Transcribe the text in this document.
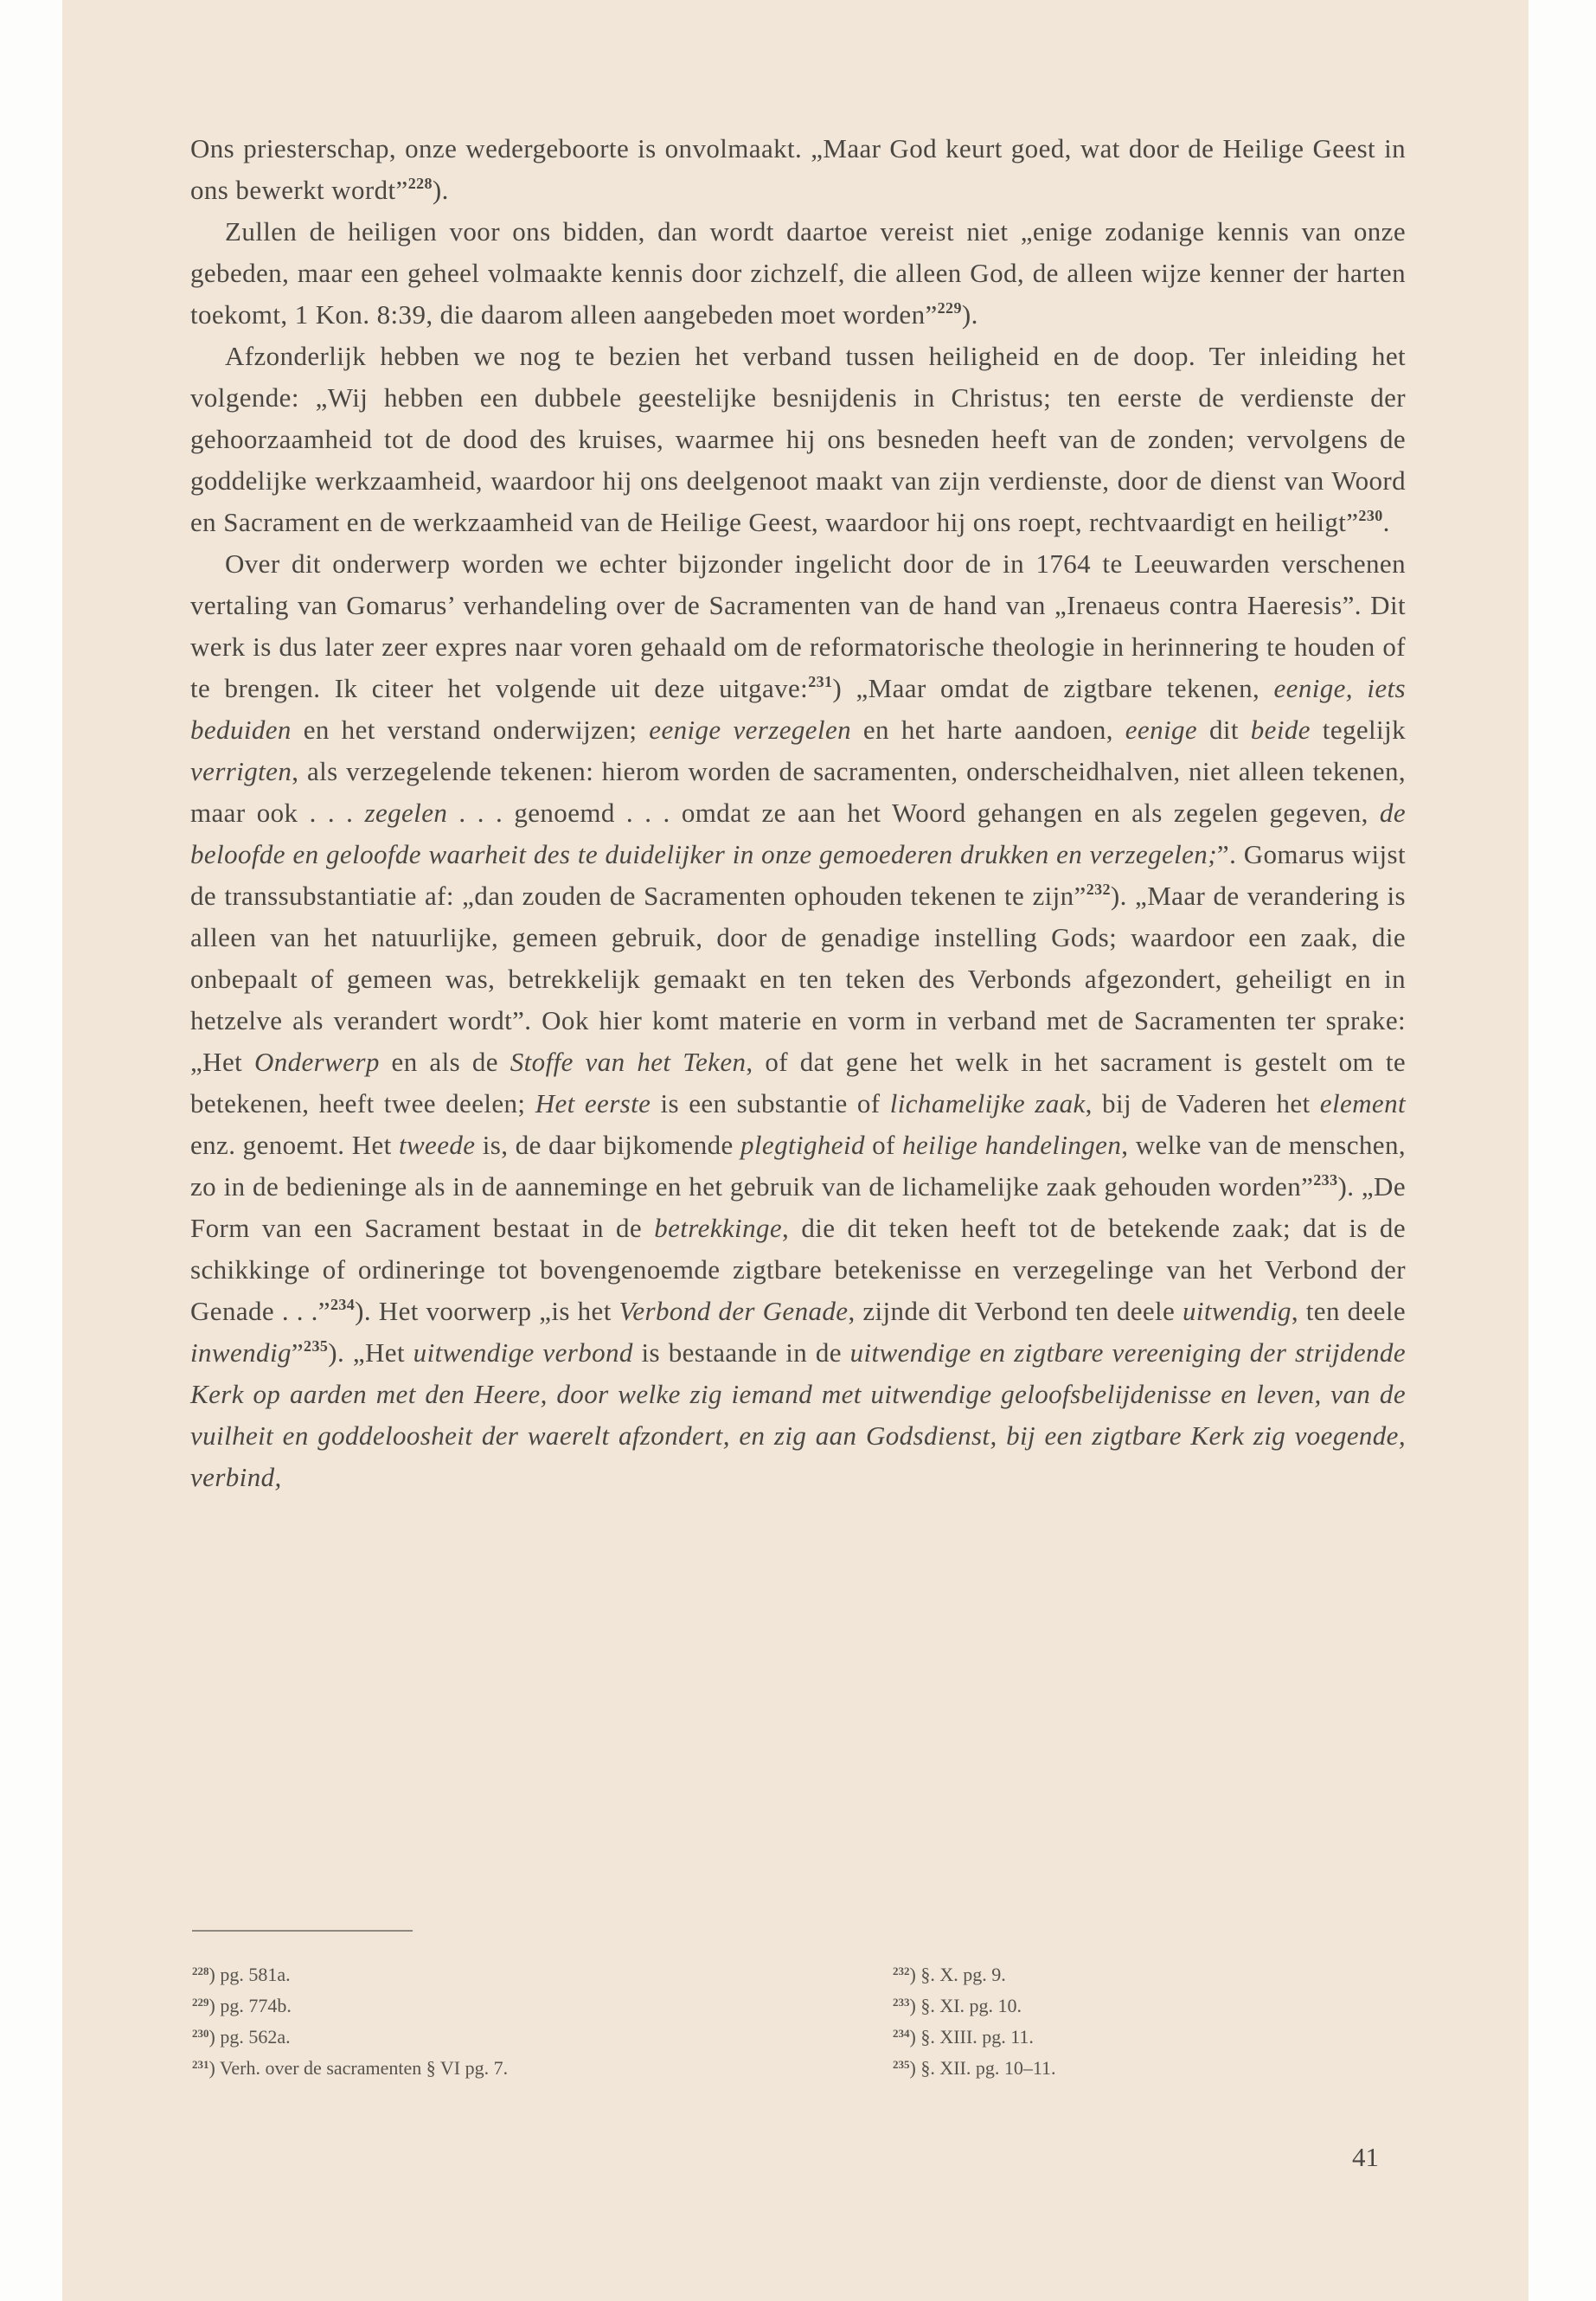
Ons priesterschap, onze wedergeboorte is onvolmaakt. „Maar God keurt goed, wat door de Heilige Geest in ons bewerkt wordt”$^{228}$).

Zullen de heiligen voor ons bidden, dan wordt daartoe vereist niet „enige zodanige kennis van onze gebeden, maar een geheel volmaakte kennis door zichzelf, die alleen God, de alleen wijze kenner der harten toekomt, 1 Kon. 8:39, die daarom alleen aangebeden moet worden”$^{229}$).

Afzonderlijk hebben we nog te bezien het verband tussen heiligheid en de doop. Ter inleiding het volgende: „Wij hebben een dubbele geestelijke besnijdenis in Christus; ten eerste de verdienste der gehoorzaamheid tot de dood des kruises, waarmee hij ons besneden heeft van de zonden; vervolgens de goddelijke werkzaamheid, waardoor hij ons deelgenoot maakt van zijn verdienste, door de dienst van Woord en Sacrament en de werkzaamheid van de Heilige Geest, waardoor hij ons roept, rechtvaardigt en heiligt”$^{230}$.

Over dit onderwerp worden we echter bijzonder ingelicht door de in 1764 te Leeuwarden verschenen vertaling van Gomarus’ verhandeling over de Sacramenten van de hand van „Irenaeus contra Haeresis”. Dit werk is dus later zeer expres naar voren gehaald om de reformatorische theologie in herinnering te houden of te brengen. Ik citeer het volgende uit deze uitgave:$^{231}$) „Maar omdat de zigtbare tekenen, eenige, iets beduiden en het verstand onderwijzen; eenige verzegelen en het harte aandoen, eenige dit beide tegelijk verrigten, als verzegelende tekenen: hierom worden de sacramenten, onderscheidhalven, niet alleen tekenen, maar ook . . . zegelen . . . genoemd . . . omdat ze aan het Woord gehangen en als zegelen gegeven, de beloofde en geloofde waarheit des te duidelijker in onze gemoederen drukken en verzegelen;”. Gomarus wijst de transsubstantiatie af: „dan zouden de Sacramenten ophouden tekenen te zijn”$^{232}$). „Maar de verandering is alleen van het natuurlijke, gemeen gebruik, door de genadige instelling Gods; waardoor een zaak, die onbepaalt of gemeen was, betrekkelijk gemaakt en ten teken des Verbonds afgezondert, geheiligt en in hetzelve als verandert wordt”. Ook hier komt materie en vorm in verband met de Sacramenten ter sprake: „Het Onderwerp en als de Stoffe van het Teken, of dat gene het welk in het sacrament is gestelt om te betekenen, heeft twee deelen; Het eerste is een substantie of lichamelijke zaak, bij de Vaderen het element enz. genoemt. Het tweede is, de daar bijkomende plegtigheid of heilige handelingen, welke van de menschen, zo in de bedieninge als in de aanneminge en het gebruik van de lichamelijke zaak gehouden worden”$^{233}$). „De Form van een Sacrament bestaat in de betrekkinge, die dit teken heeft tot de betekende zaak; dat is de schikkinge of ordineringe tot bovengenoemde zigtbare betekenisse en verzegelinge van het Verbond der Genade . . .”$^{234}$). Het voorwerp „is het Verbond der Genade, zijnde dit Verbond ten deele uitwendig, ten deele inwendig”$^{235}$). „Het uitwendige verbond is bestaande in de uitwendige en zigtbare vereeniging der strijdende Kerk op aarden met den Heere, door welke zig iemand met uitwendige geloofsbelijdenisse en leven, van de vuilheit en goddeloosheit der waerelt afzondert, en zig aan Godsdienst, bij een zigtbare Kerk zig voegende, verbind,

$^{228}$) pg. 581a.
$^{229}$) pg. 774b.
$^{230}$) pg. 562a.
$^{231}$) Verh. over de sacramenten § VI pg. 7.
$^{232}$) §. X. pg. 9.
$^{233}$) §. XI. pg. 10.
$^{234}$) §. XIII. pg. 11.
$^{235}$) §. XII. pg. 10–11.
41
